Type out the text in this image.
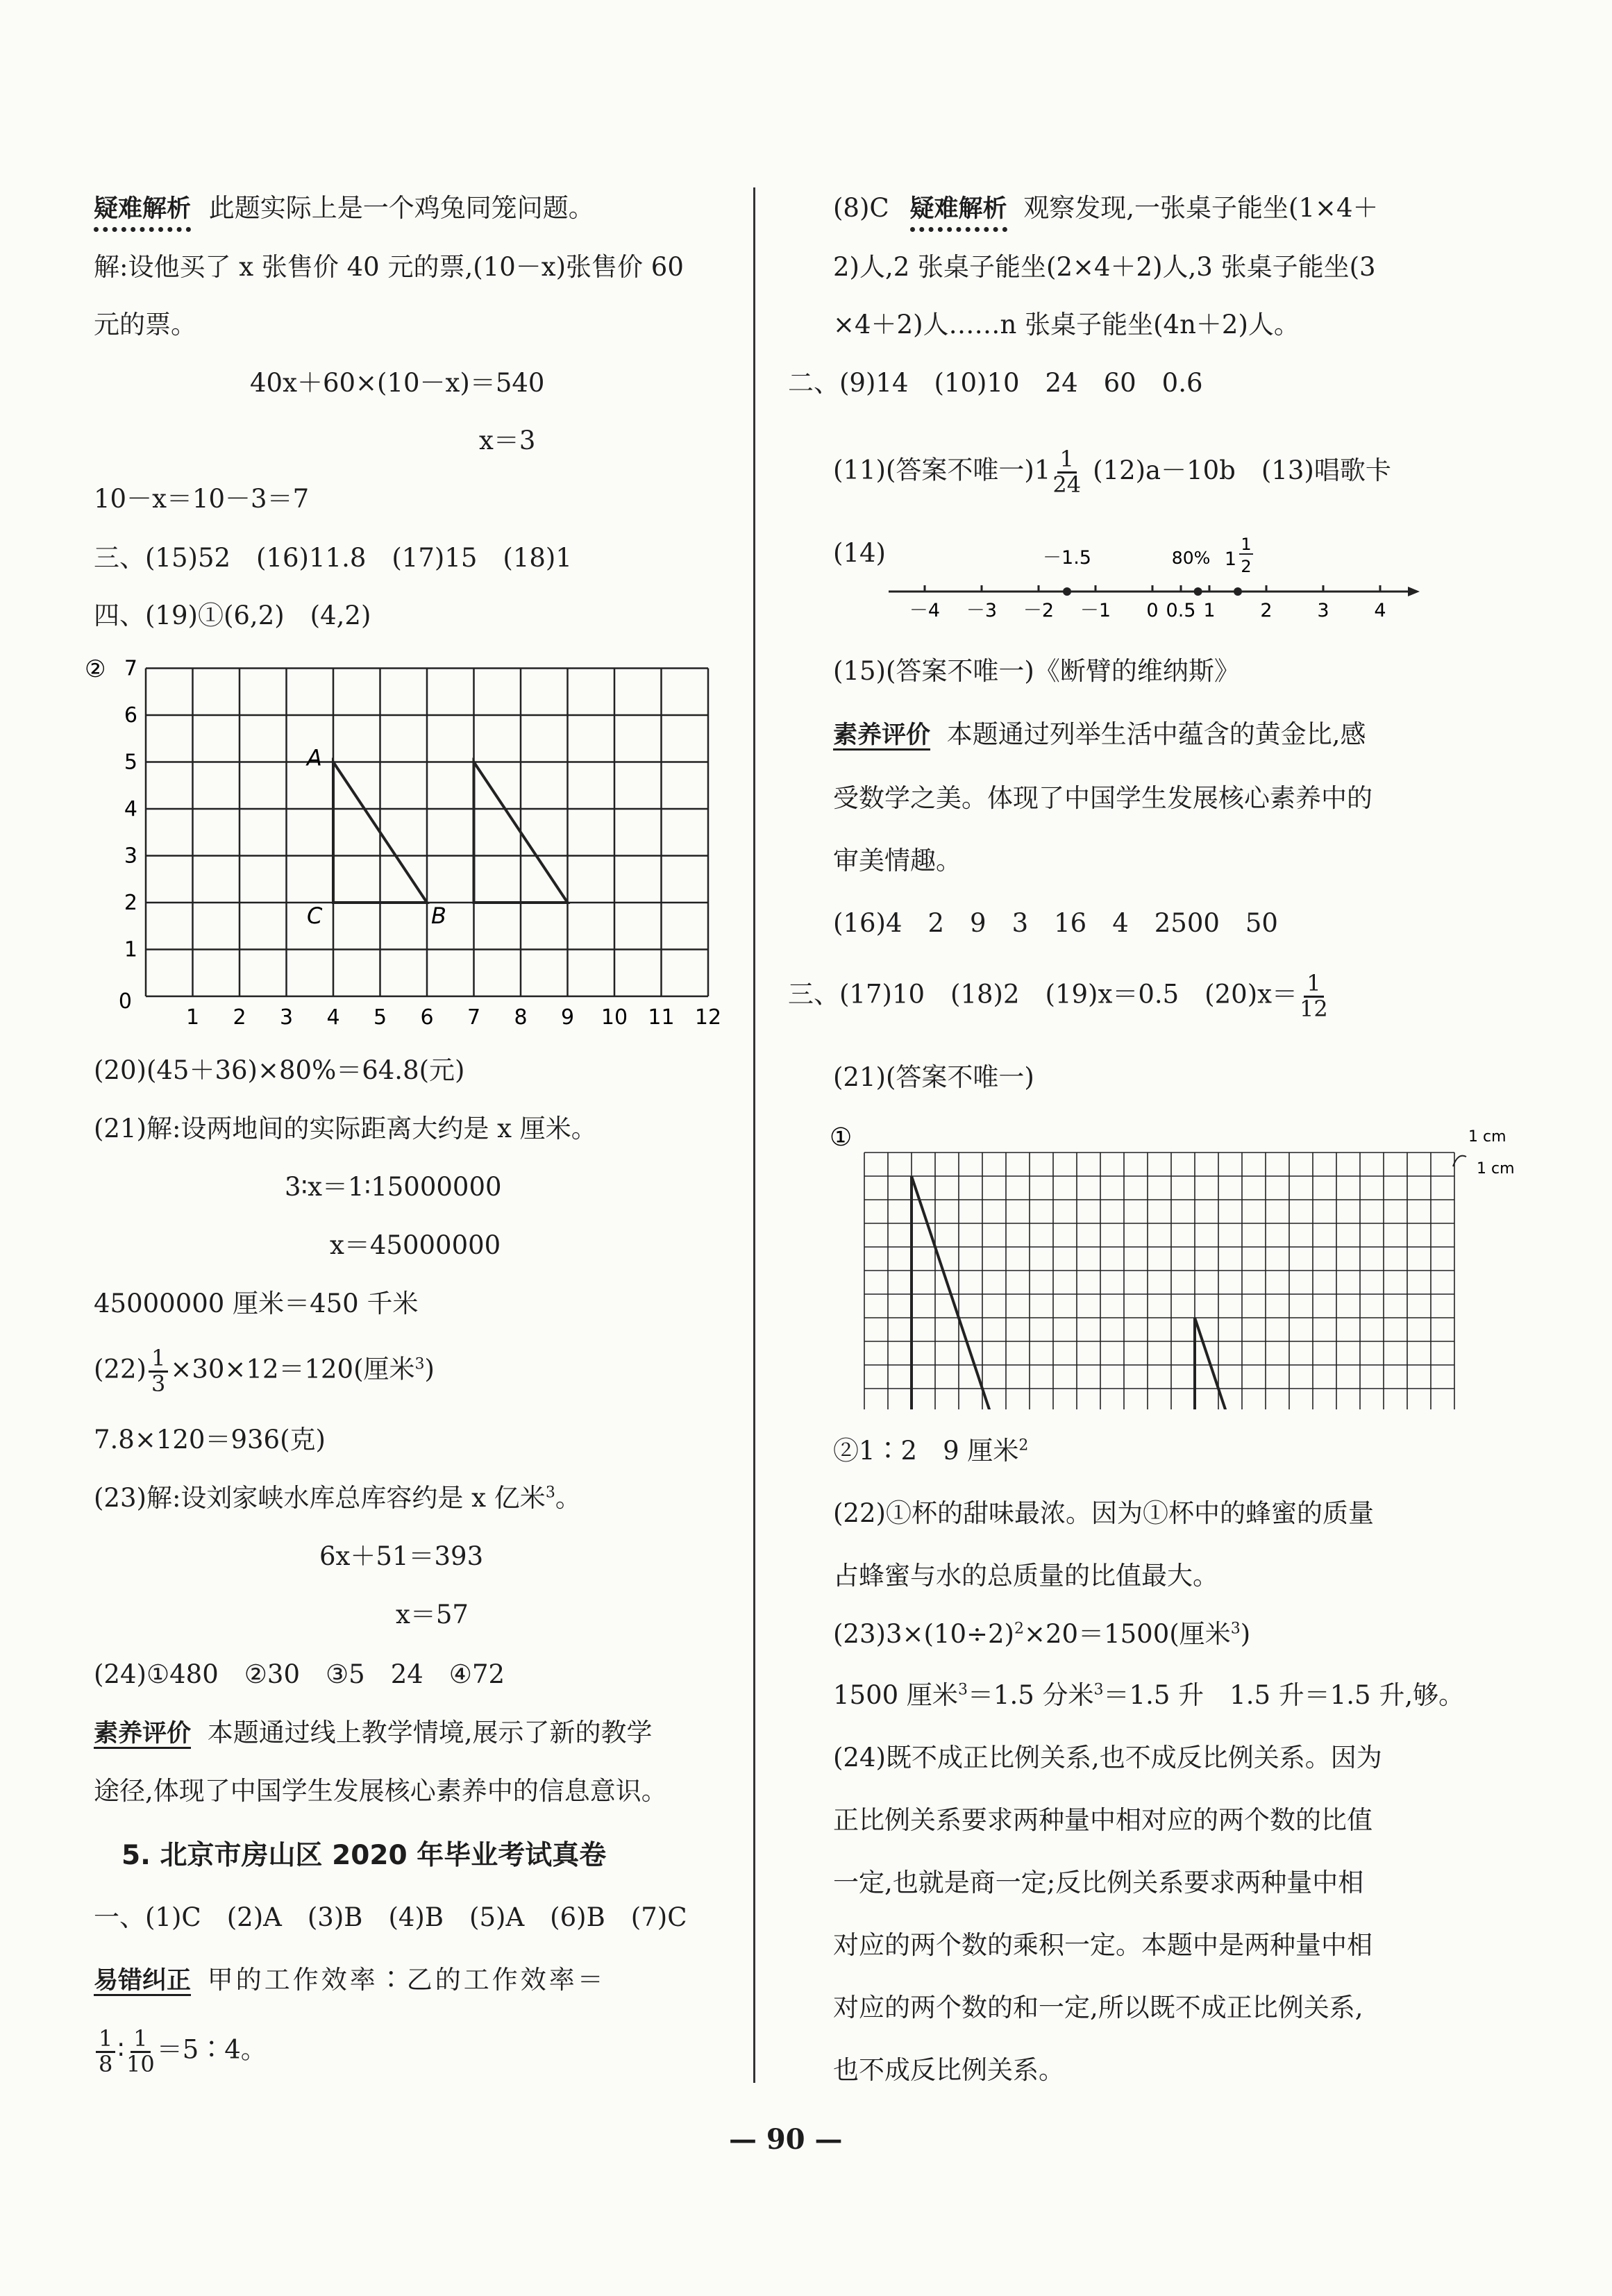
疑难解析 此题实际上是一个鸡兔同笼问题。
解:设他买了 x 张售价 40 元的票,(10－x)张售价 60
元的票。
40x＋60×(10－x)＝540
x＝3
10－x＝10－3＝7
三、(15)52　(16)11.8　(17)15　(18)1
四、(19)①(6,2)　(4,2)
②
1 2 3 4 5 6 7 8 9 10 11 12
1
2
3
4
5
6
7
0
A
B
C
(20)(45＋36)×80%＝64.8(元)
(21)解:设两地间的实际距离大约是 x 厘米。
3∶x＝1∶15000000
x＝45000000
45000000 厘米＝450 千米
$(22) \frac{1}{3} \times 30\times 12=120$(厘米$^3$)
7.8×120＝936(克)
(23)解:设刘家峡水库总库容约是 x 亿米$^3$。
6x＋51＝393
x＝57
(24)①480　②30　③5　24　④72
素养评价 本题通过线上教学情境,展示了新的教学
途径,体现了中国学生发展核心素养中的信息意识。
5. 北京市房山区 2020 年毕业考试真卷
一、(1)C　(2)A　(3)B　(4)B　(5)A　(6)B　(7)C
易错纠正 甲的工作效率∶乙的工作效率＝
$\frac{1}{8}$ ∶ $\frac{1}{10}$ ＝5∶4。
(8)C 疑难解析 观察发现,一张桌子能坐(1×4＋
2)人,2 张桌子能坐(2×4＋2)人,3 张桌子能坐(3
×4＋2)人……n 张桌子能坐(4n＋2)人。
二、(9)14　(10)10　24　60　0.6
(11)(答案不唯一)$1 \frac{1}{24} (12)a-10b$　(13)唱歌卡
(14)
－4 －3 －2 －1 0 0.5 1 2 3 4
－1.5	80% 1
1
2
(15)(答案不唯一)《断臂的维纳斯》
素养评价 本题通过列举生活中蕴含的黄金比,感
受数学之美。体现了中国学生发展核心素养中的
审美情趣。
(16)4　2　9　3　16　4　2500　50
三、(17)10　(18)2　(19)x＝0.5　$(20)x= \frac{1}{12}$
(21)(答案不唯一)
①	1 cm
1 cm
②1∶2　9 厘米$^2$
(22)①杯的甜味最浓。因为①杯中的蜂蜜的质量
占蜂蜜与水的总质量的比值最大。
$(23)3\times(10\div 2)^2\times 20=1500$(厘米$^3$)
1500 厘米$^3$＝1.5 分米$^3$＝1.5 升　1.5 升＝1.5 升,够。
(24)既不成正比例关系,也不成反比例关系。因为
正比例关系要求两种量中相对应的两个数的比值
一定,也就是商一定;反比例关系要求两种量中相
对应的两个数的乘积一定。本题中是两种量中相
对应的两个数的和一定,所以既不成正比例关系,
也不成反比例关系。
— 90 —
